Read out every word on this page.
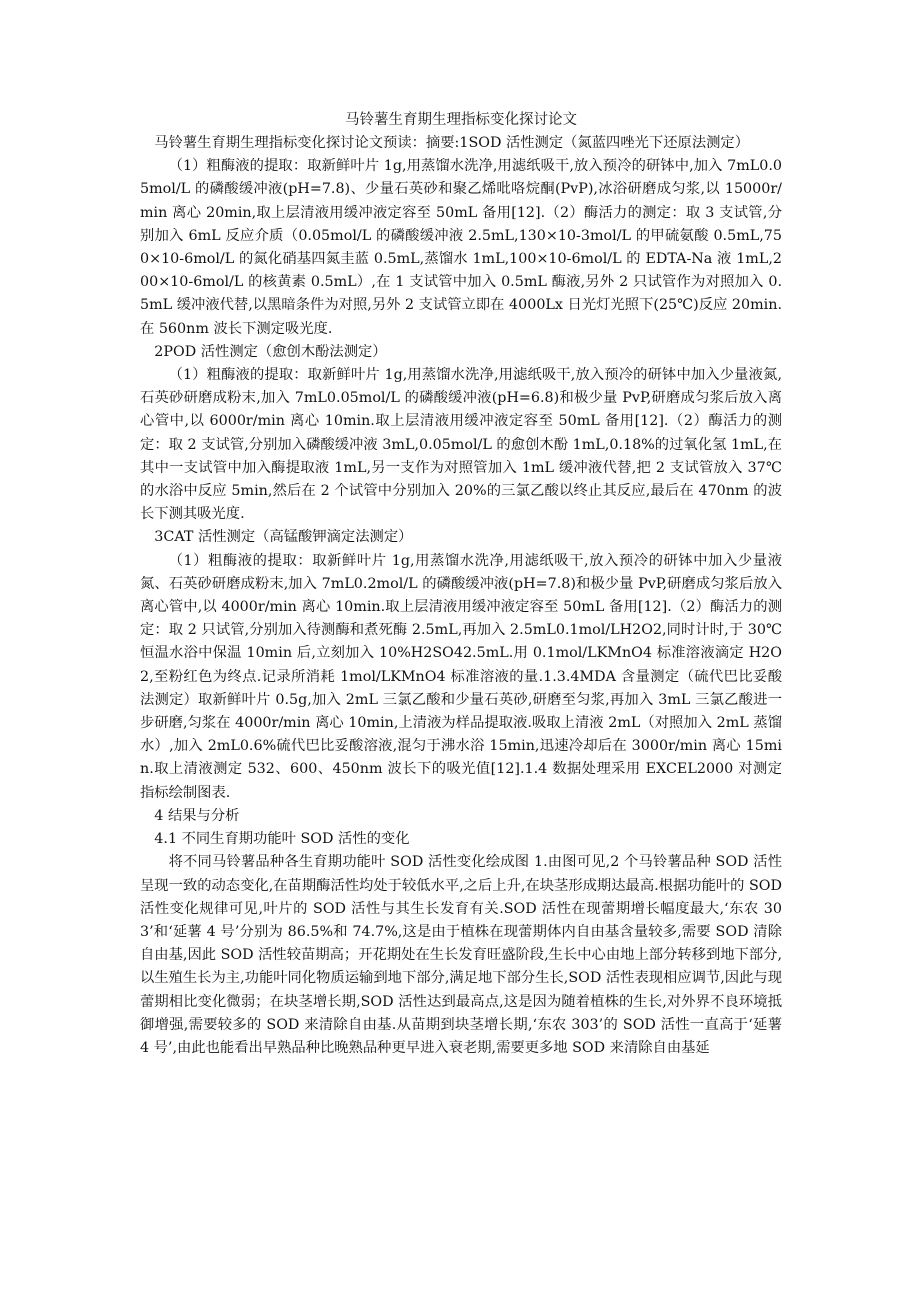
马铃薯生育期生理指标变化探讨论文

马铃薯生育期生理指标变化探讨论文预读：摘要:1SOD 活性测定（氮蓝四唑光下还原法测定）

（1）粗酶液的提取：取新鲜叶片 1g,用蒸馏水洗净,用滤纸吸干,放入预冷的研钵中,加入 7mL0.05mol/L 的磷酸缓冲液(pH=7.8)、少量石英砂和聚乙烯吡咯烷酮(PvP),冰浴研磨成匀浆,以 15000r/min 离心 20min,取上层清液用缓冲液定容至 50mL 备用[12].（2）酶活力的测定：取 3 支试管,分别加入 6mL 反应介质（0.05mol/L 的磷酸缓冲液 2.5mL,130×10-3mol/L 的甲硫氨酸 0.5mL,750×10-6mol/L 的氮化硝基四氮圭蓝 0.5mL,蒸馏水 1mL,100×10-6mol/L 的 EDTA-Na 液 1mL,200×10-6mol/L 的核黄素 0.5mL）,在 1 支试管中加入 0.5mL 酶液,另外 2 只试管作为对照加入 0.5mL 缓冲液代替,以黑暗条件为对照,另外 2 支试管立即在 4000Lx 日光灯光照下(25℃)反应 20min.在 560nm 波长下测定吸光度.

2POD 活性测定（愈创木酚法测定）

（1）粗酶液的提取：取新鲜叶片 1g,用蒸馏水洗净,用滤纸吸干,放入预冷的研钵中加入少量液氮,石英砂研磨成粉末,加入 7mL0.05mol/L 的磷酸缓冲液(pH=6.8)和极少量 PvP,研磨成匀浆后放入离心管中,以 6000r/min 离心 10min.取上层清液用缓冲液定容至 50mL 备用[12].（2）酶活力的测定：取 2 支试管,分别加入磷酸缓冲液 3mL,0.05mol/L 的愈创木酚 1mL,0.18%的过氧化氢 1mL,在其中一支试管中加入酶提取液 1mL,另一支作为对照管加入 1mL 缓冲液代替,把 2 支试管放入 37℃的水浴中反应 5min,然后在 2 个试管中分别加入 20%的三氯乙酸以终止其反应,最后在 470nm 的波长下测其吸光度.

3CAT 活性测定（高锰酸钾滴定法测定）

（1）粗酶液的提取：取新鲜叶片 1g,用蒸馏水洗净,用滤纸吸干,放入预冷的研钵中加入少量液氮、石英砂研磨成粉末,加入 7mL0.2mol/L 的磷酸缓冲液(pH=7.8)和极少量 PvP,研磨成匀浆后放入离心管中,以 4000r/min 离心 10min.取上层清液用缓冲液定容至 50mL 备用[12].（2）酶活力的测定：取 2 只试管,分别加入待测酶和煮死酶 2.5mL,再加入 2.5mL0.1mol/LH2O2,同时计时,于 30℃恒温水浴中保温 10min 后,立刻加入 10%H2SO42.5mL.用 0.1mol/LKMnO4 标准溶液滴定 H2O2,至粉红色为终点.记录所消耗 1mol/LKMnO4 标准溶液的量.1.3.4MDA 含量测定（硫代巴比妥酸法测定）取新鲜叶片 0.5g,加入 2mL 三氯乙酸和少量石英砂,研磨至匀浆,再加入 3mL 三氯乙酸进一步研磨,匀浆在 4000r/min 离心 10min,上清液为样品提取液.吸取上清液 2mL（对照加入 2mL 蒸馏水）,加入 2mL0.6%硫代巴比妥酸溶液,混匀于沸水浴 15min,迅速冷却后在 3000r/min 离心 15min.取上清液测定 532、600、450nm 波长下的吸光值[12].1.4 数据处理采用 EXCEL2000 对测定指标绘制图表.

4 结果与分析

4.1 不同生育期功能叶 SOD 活性的变化

将不同马铃薯品种各生育期功能叶 SOD 活性变化绘成图 1.由图可见,2 个马铃薯品种 SOD 活性呈现一致的动态变化,在苗期酶活性均处于较低水平,之后上升,在块茎形成期达最高.根据功能叶的 SOD 活性变化规律可见,叶片的 SOD 活性与其生长发育有关.SOD 活性在现蕾期增长幅度最大,‘东农 303’和‘延薯 4 号’分别为 86.5%和 74.7%,这是由于植株在现蕾期体内自由基含量较多,需要 SOD 清除自由基,因此 SOD 活性较苗期高；开花期处在生长发育旺盛阶段,生长中心由地上部分转移到地下部分,以生殖生长为主,功能叶同化物质运输到地下部分,满足地下部分生长,SOD 活性表现相应调节,因此与现蕾期相比变化微弱；在块茎增长期,SOD 活性达到最高点,这是因为随着植株的生长,对外界不良环境抵御增强,需要较多的 SOD 来清除自由基.从苗期到块茎增长期,‘东农 303’的 SOD 活性一直高于‘延薯 4 号’,由此也能看出早熟品种比晚熟品种更早进入衰老期,需要更多地 SOD 来清除自由基延
